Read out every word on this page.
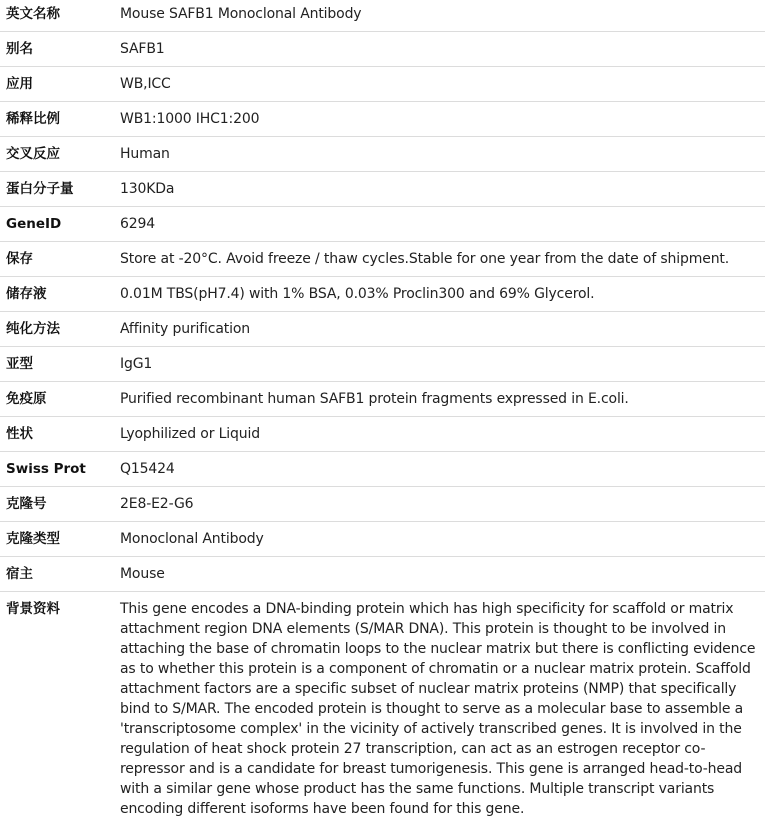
英文名称	Mouse SAFB1 Monoclonal Antibody
别名	SAFB1
应用	WB,ICC
稀释比例	WB1:1000 IHC1:200
交叉反应	Human
蛋白分子量	130KDa
GeneID	6294
保存	Store at -20°C. Avoid freeze / thaw cycles.Stable for one year from the date of shipment.
储存液	0.01M TBS(pH7.4) with 1% BSA, 0.03% Proclin300 and 69% Glycerol.
纯化方法	Affinity purification
亚型	IgG1
免疫原	Purified recombinant human SAFB1 protein fragments expressed in E.coli.
性状	Lyophilized or Liquid
Swiss Prot	Q15424
克隆号	2E8-E2-G6
克隆类型	Monoclonal Antibody
宿主	Mouse
背景资料	This gene encodes a DNA-binding protein which has high specificity for scaffold or matrix attachment region DNA elements (S/MAR DNA). This protein is thought to be involved in attaching the base of chromatin loops to the nuclear matrix but there is conflicting evidence as to whether this protein is a component of chromatin or a nuclear matrix protein. Scaffold attachment factors are a specific subset of nuclear matrix proteins (NMP) that specifically bind to S/MAR. The encoded protein is thought to serve as a molecular base to assemble a 'transcriptosome complex' in the vicinity of actively transcribed genes. It is involved in the regulation of heat shock protein 27 transcription, can act as an estrogen receptor co-repressor and is a candidate for breast tumorigenesis. This gene is arranged head-to-head with a similar gene whose product has the same functions. Multiple transcript variants encoding different isoforms have been found for this gene.
